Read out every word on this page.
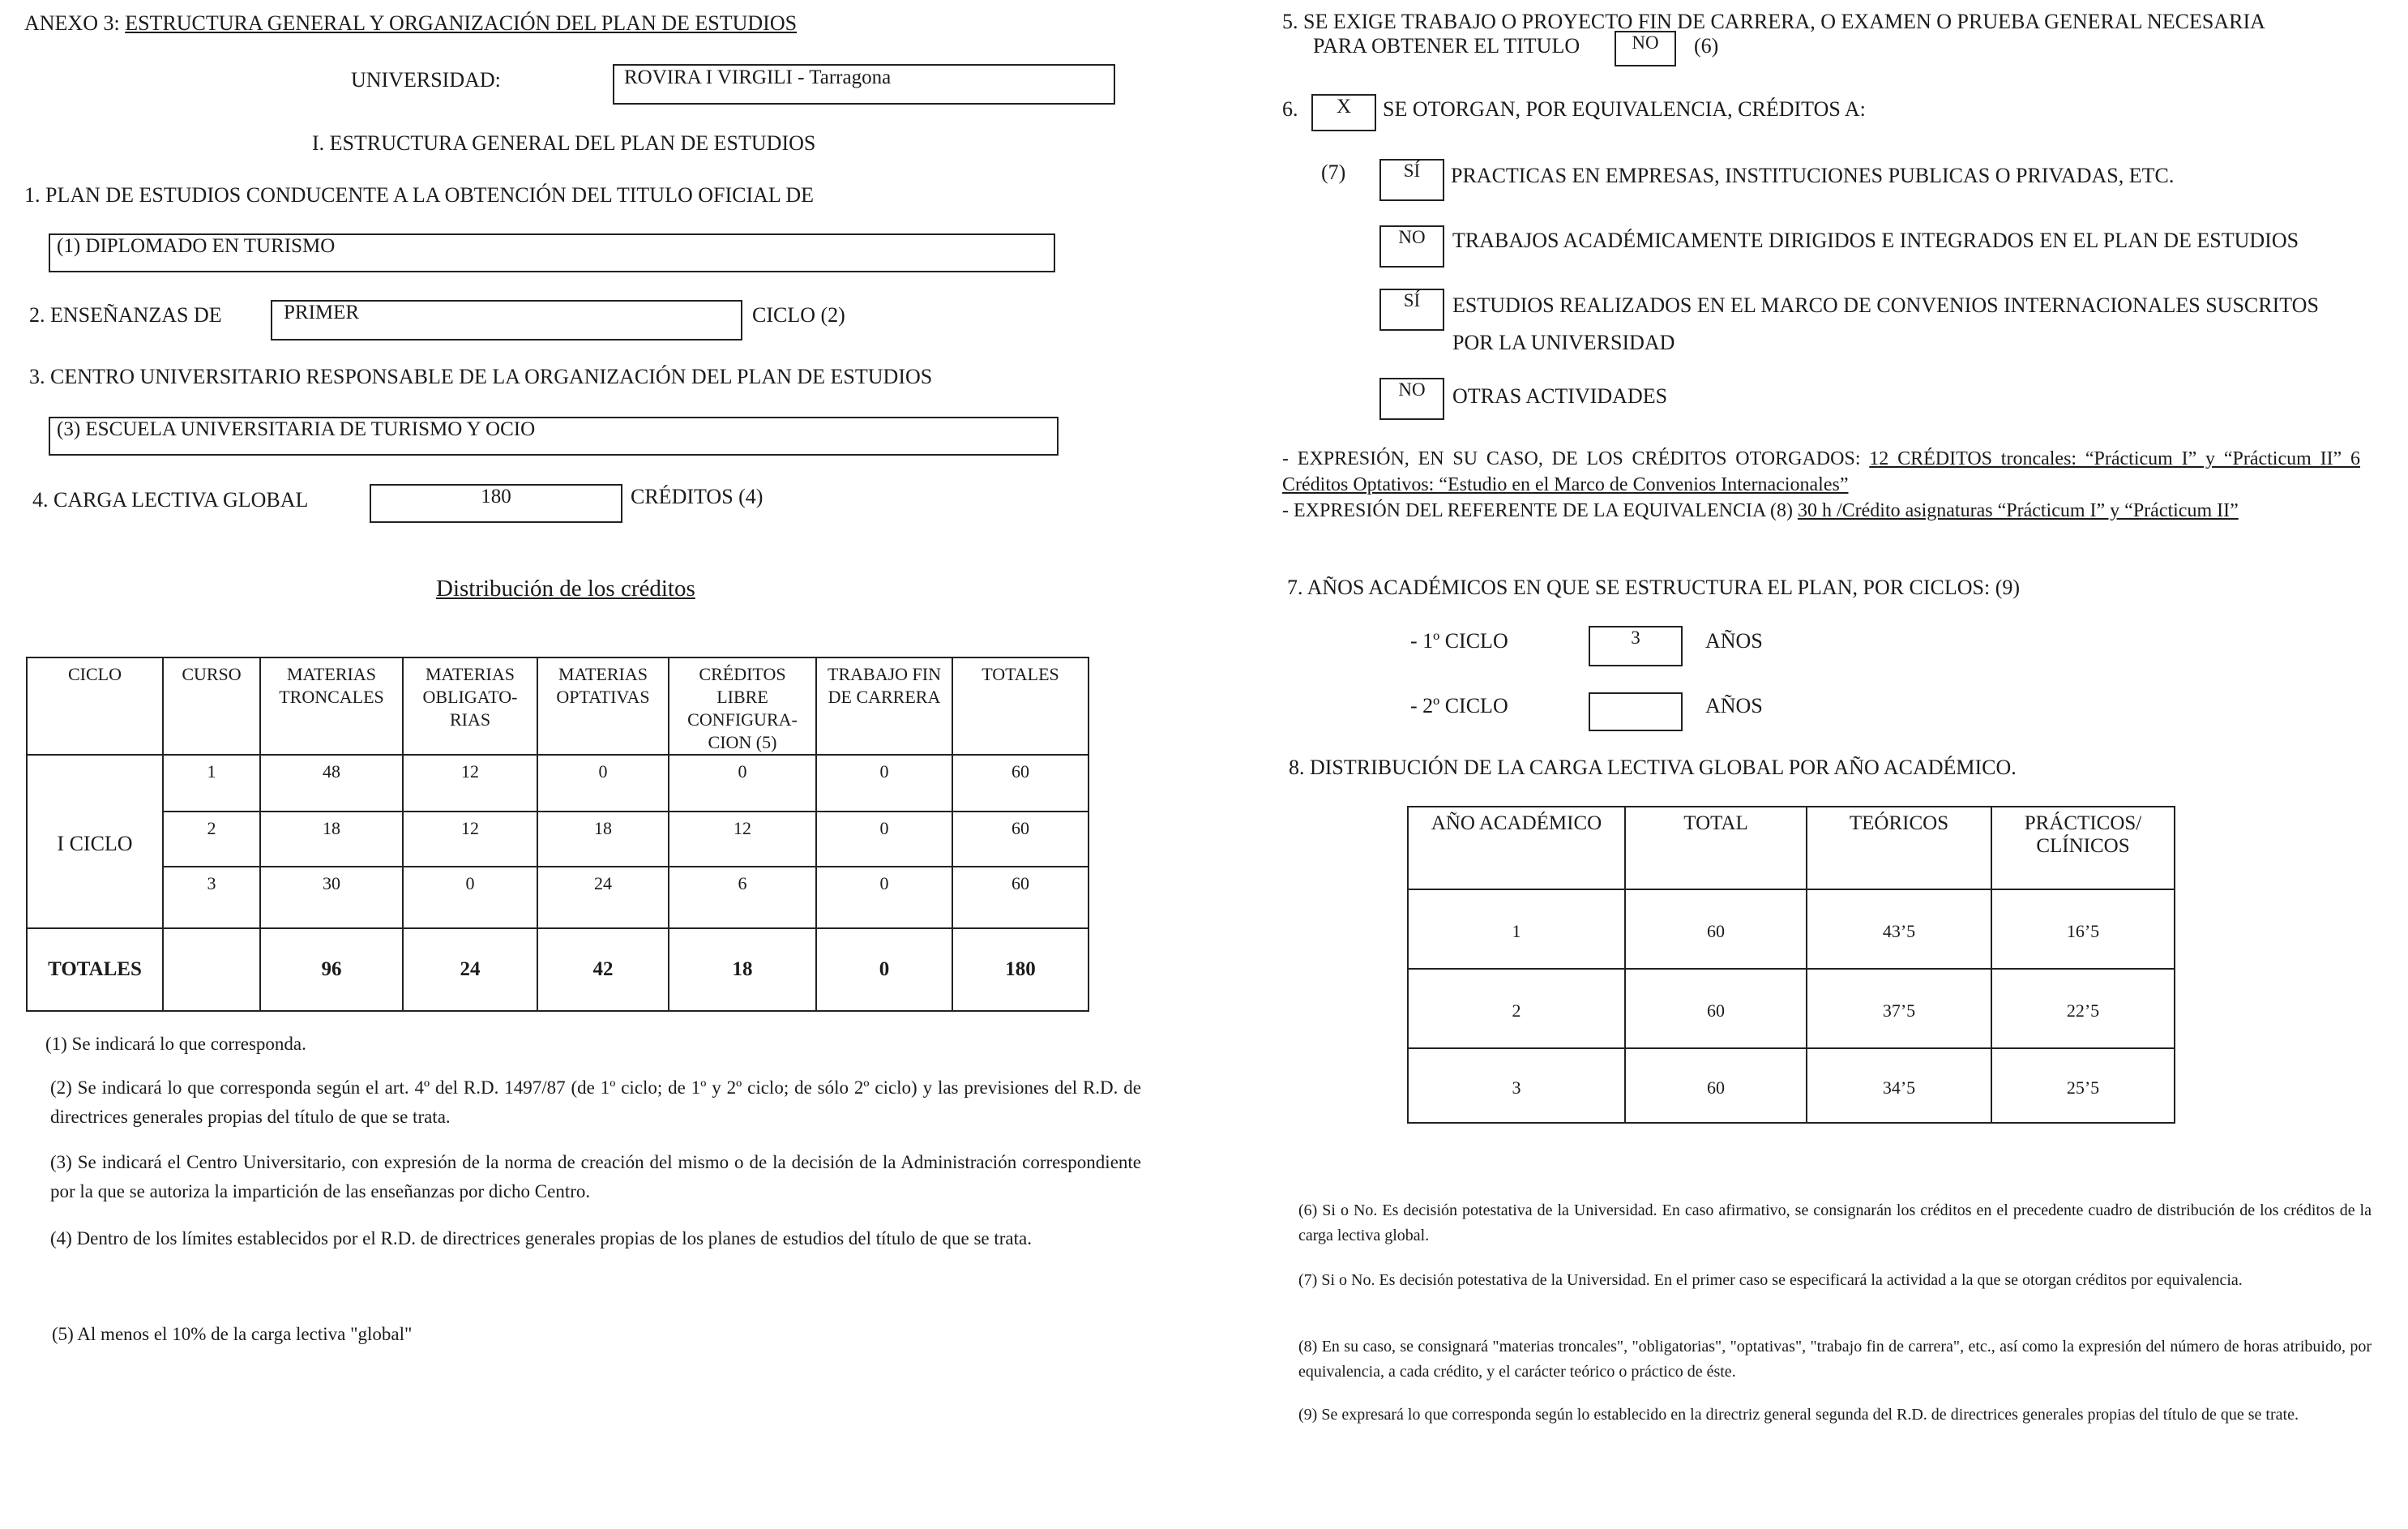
ANEXO 3: ESTRUCTURA GENERAL Y ORGANIZACIÓN DEL PLAN DE ESTUDIOS
UNIVERSIDAD:	ROVIRA I VIRGILI - Tarragona
I. ESTRUCTURA GENERAL DEL PLAN DE ESTUDIOS
1. PLAN DE ESTUDIOS CONDUCENTE A LA OBTENCIÓN DEL TITULO OFICIAL DE
(1) DIPLOMADO EN TURISMO
2. ENSEÑANZAS DE	PRIMER	CICLO (2)
3. CENTRO UNIVERSITARIO RESPONSABLE DE LA ORGANIZACIÓN DEL PLAN DE ESTUDIOS
(3) ESCUELA UNIVERSITARIA DE TURISMO Y OCIO
4. CARGA LECTIVA GLOBAL	180	CRÉDITOS (4)
Distribución de los créditos
CICLO	CURSO	MATERIAS TRONCALES	MATERIAS OBLIGATO-RIAS	MATERIAS OPTATIVAS	CRÉDITOS LIBRE CONFIGURA-CION (5)	TRABAJO FIN DE CARRERA	TOTALES
I CICLO	1	48	12	0	0	0	60
	2	18	12	18	12	0	60
	3	30	0	24	6	0	60
TOTALES		96	24	42	18	0	180
(1) Se indicará lo que corresponda.
(2) Se indicará lo que corresponda según el art. 4º del R.D. 1497/87 (de 1º ciclo; de 1º y 2º ciclo; de sólo 2º ciclo) y las previsiones del R.D. de directrices generales propias del título de que se trata.
(3) Se indicará el Centro Universitario, con expresión de la norma de creación del mismo o de la decisión de la Administración correspondiente por la que se autoriza la impartición de las enseñanzas por dicho Centro.
(4) Dentro de los límites establecidos por el R.D. de directrices generales propias de los planes de estudios del título de que se trata.
(5) Al menos el 10% de la carga lectiva "global"
5. SE EXIGE TRABAJO O PROYECTO FIN DE CARRERA, O EXAMEN O PRUEBA GENERAL NECESARIA
PARA OBTENER EL TITULO	NO	(6)
6.	X	SE OTORGAN, POR EQUIVALENCIA, CRÉDITOS A:
(7)	SÍ	PRACTICAS EN EMPRESAS, INSTITUCIONES PUBLICAS O PRIVADAS, ETC.
NO	TRABAJOS ACADÉMICAMENTE DIRIGIDOS E INTEGRADOS EN EL PLAN DE ESTUDIOS
SÍ	ESTUDIOS REALIZADOS EN EL MARCO DE CONVENIOS INTERNACIONALES SUSCRITOS
POR LA UNIVERSIDAD
NO	OTRAS ACTIVIDADES
- EXPRESIÓN, EN SU CASO, DE LOS CRÉDITOS OTORGADOS: 12 CRÉDITOS troncales: “Prácticum I” y “Prácticum II” 6 Créditos Optativos: “Estudio en el Marco de Convenios Internacionales”
- EXPRESIÓN DEL REFERENTE DE LA EQUIVALENCIA (8) 30 h /Crédito asignaturas “Prácticum I” y “Prácticum II”
7. AÑOS ACADÉMICOS EN QUE SE ESTRUCTURA EL PLAN, POR CICLOS: (9)
- 1º CICLO	3	AÑOS
- 2º CICLO	AÑOS
8. DISTRIBUCIÓN DE LA CARGA LECTIVA GLOBAL POR AÑO ACADÉMICO.
AÑO ACADÉMICO	TOTAL	TEÓRICOS	PRÁCTICOS/ CLÍNICOS
1	60	43’5	16’5
2	60	37’5	22’5
3	60	34’5	25’5
(6) Si o No. Es decisión potestativa de la Universidad. En caso afirmativo, se consignarán los créditos en el precedente cuadro de distribución de los créditos de la carga lectiva global.
(7) Si o No. Es decisión potestativa de la Universidad. En el primer caso se especificará la actividad a la que se otorgan créditos por equivalencia.
(8) En su caso, se consignará "materias troncales", "obligatorias", "optativas", "trabajo fin de carrera", etc., así como la expresión del número de horas atribuido, por equivalencia, a cada crédito, y el carácter teórico o práctico de éste.
(9) Se expresará lo que corresponda según lo establecido en la directriz general segunda del R.D. de directrices generales propias del título de que se trate.
